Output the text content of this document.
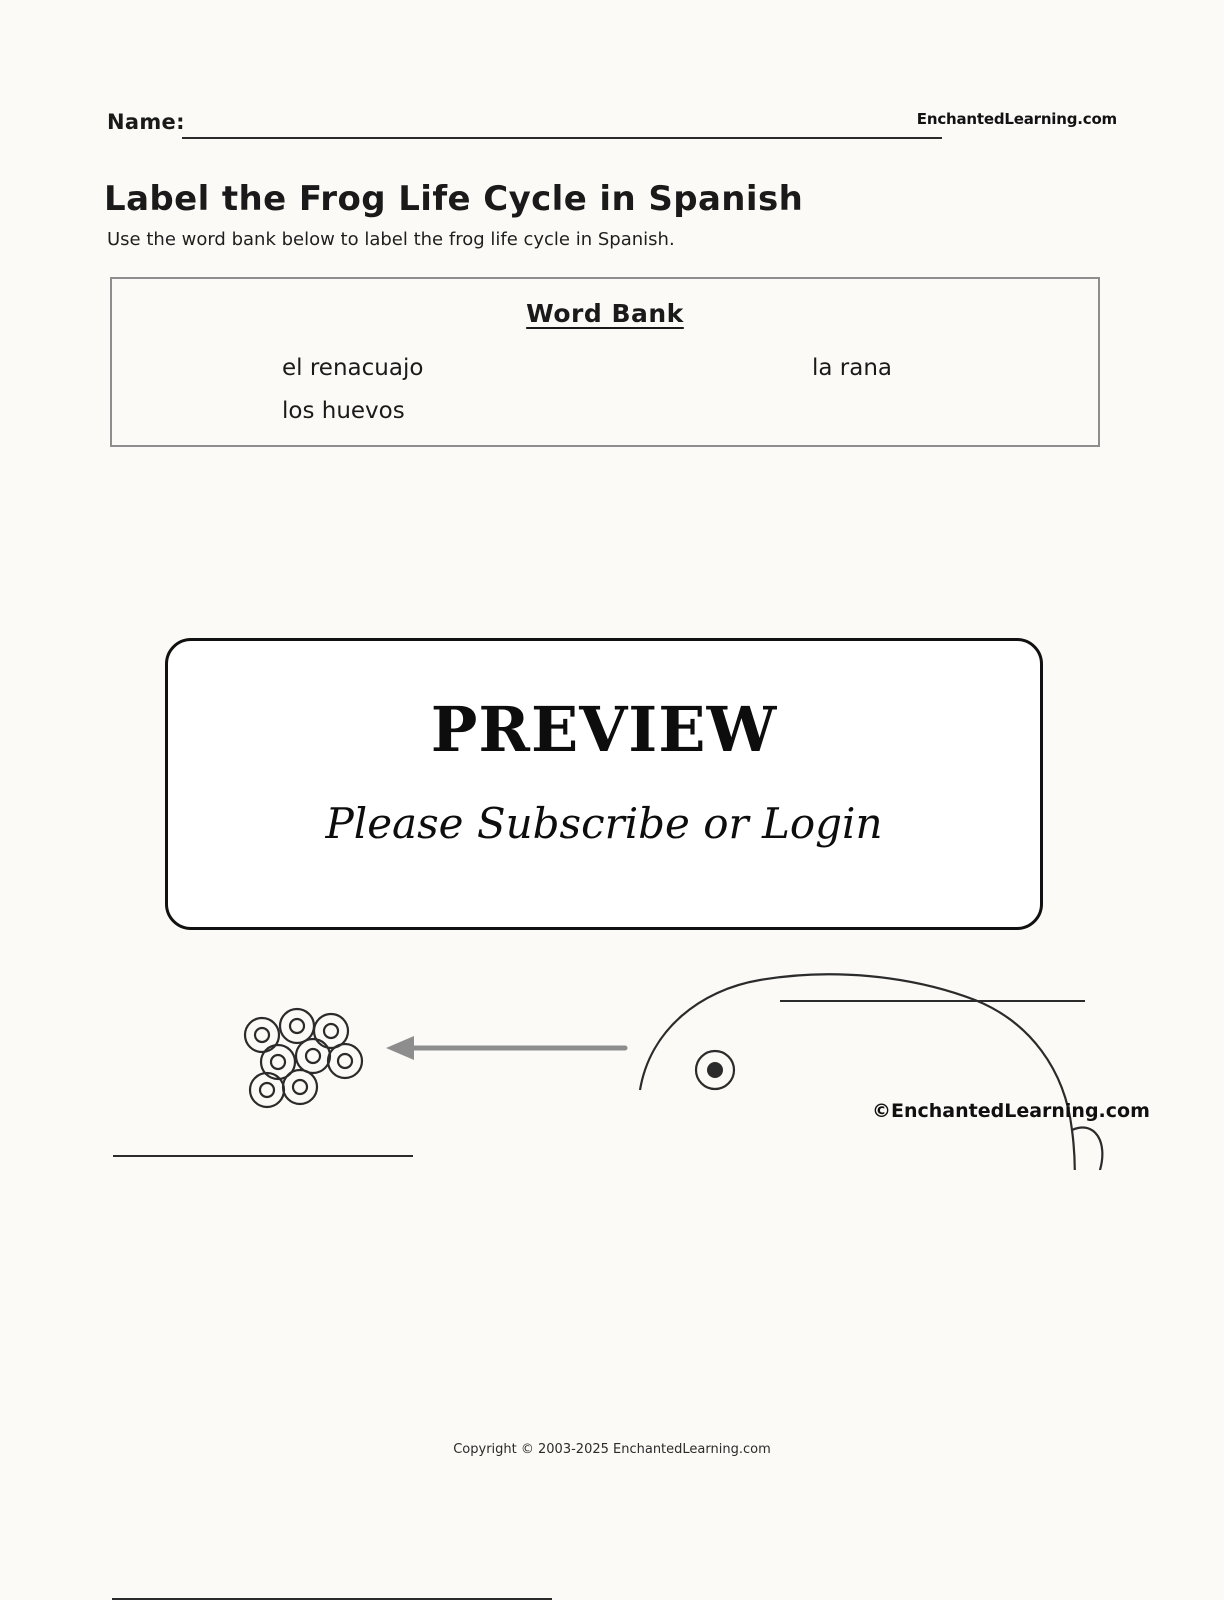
Name:	EnchantedLearning.com
Label the Frog Life Cycle in Spanish

Use the word bank below to label the frog life cycle in Spanish.

Word Bank
el renacuajo
los huevos
la rana
PREVIEW
Please Subscribe or Login
©EnchantedLearning.com
Copyright © 2003-2025 EnchantedLearning.com
